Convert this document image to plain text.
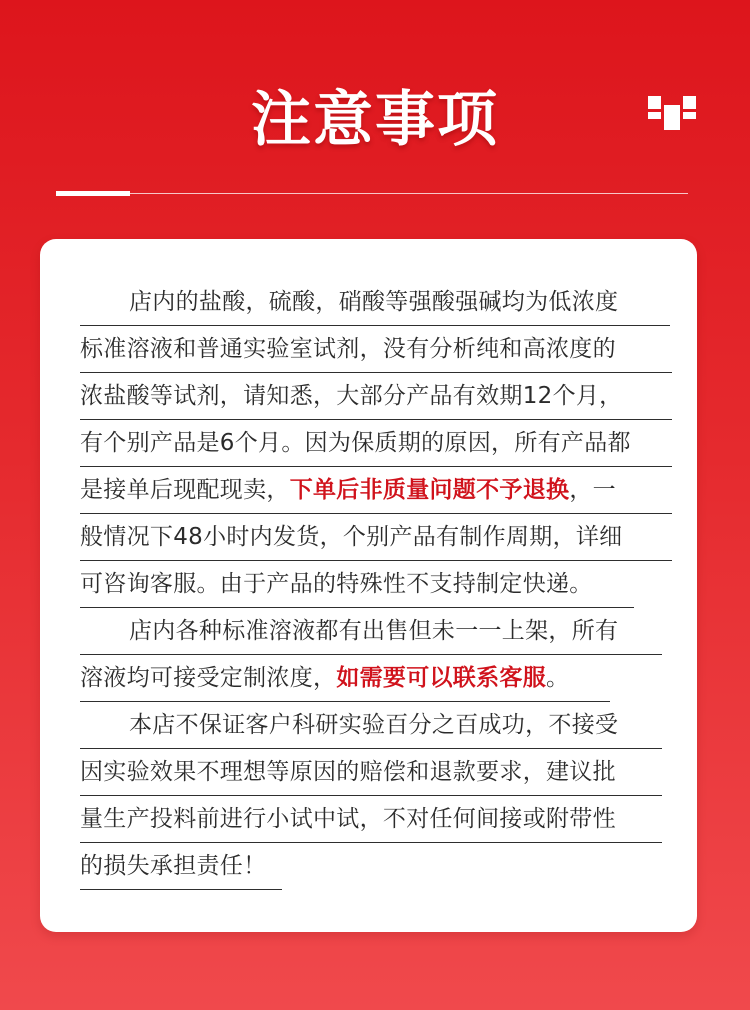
注意事项
店内的盐酸，硫酸，硝酸等强酸强碱均为低浓度
标准溶液和普通实验室试剂，没有分析纯和高浓度的
浓盐酸等试剂，请知悉，大部分产品有效期12个月，
有个别产品是6个月。因为保质期的原因，所有产品都
是接单后现配现卖，下单后非质量问题不予退换，一
般情况下48小时内发货，个别产品有制作周期，详细
可咨询客服。由于产品的特殊性不支持制定快递。
店内各种标准溶液都有出售但未一一上架，所有
溶液均可接受定制浓度，如需要可以联系客服。
本店不保证客户科研实验百分之百成功，不接受
因实验效果不理想等原因的赔偿和退款要求，建议批
量生产投料前进行小试中试，不对任何间接或附带性
的损失承担责任！
